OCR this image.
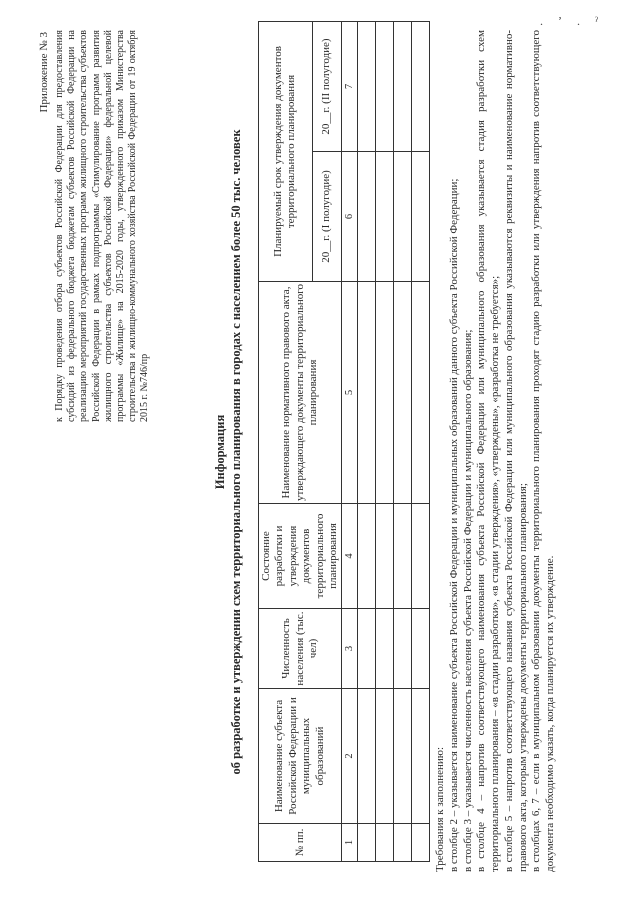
. ʼ . ˀ
Приложение № 3 к Порядку проведения отбора субъектов Российской Федерации для предоставления субсидий из федерального бюджета бюджетам субъектов Российской Федерации на реализацию мероприятий государственных программ жилищного строительства субъектов Российской Федерации в рамках подпрограммы «Стимулирование программ развития жилищного строительства субъектов Российской Федерации» федеральной целевой программы «Жилище» на 2015-2020 годы, утвержденного приказом Министерства строительства и жилищно-коммунального хозяйства Российской Федерации от 19 октября 2015 г. №746/пр
Информация об разработке и утверждении схем территориального планирования в городах с населением более 50 тыс. человек
№ пп.	Наименование субъекта Российской Федерации и муниципальных образований	Численность населения (тыс. чел)	Состояние разработки и утверждения документов территориального планирования	Наименование нормативного правового акта, утверждающего документы территориального планирования	Планируемый срок утверждения документов территориального планирования	
					20__г. (I полугодие)	20__г. (II полугодие)
1	2	3	4	5	6	7

Требования к заполнению: в столбце 2 – указывается наименование субъекта Российской Федерации и муниципальных образований данного субъекта Российской Федерации; в столбце 3 – указывается численность населения субъекта Российской Федерации и муниципального образования; в столбце 4 – напротив соответствующего наименования субъекта Российской Федерации или муниципального образования указывается стадия разработки схем территориального планирования – «в стадии разработки», «в стадии утверждения», «утверждены», «разработка не требуется»; в столбце 5 – напротив соответствующего названия субъекта Российской Федерации или муниципального образования указываются реквизиты и наименование нормативно-правового акта, которым утверждены документы территориального планирования; в столбцах 6, 7 – если в муниципальном образовании документы территориального планирования проходят стадию разработки или утверждения напротив соответствующего документа необходимо указать, когда планируется их утверждение.
